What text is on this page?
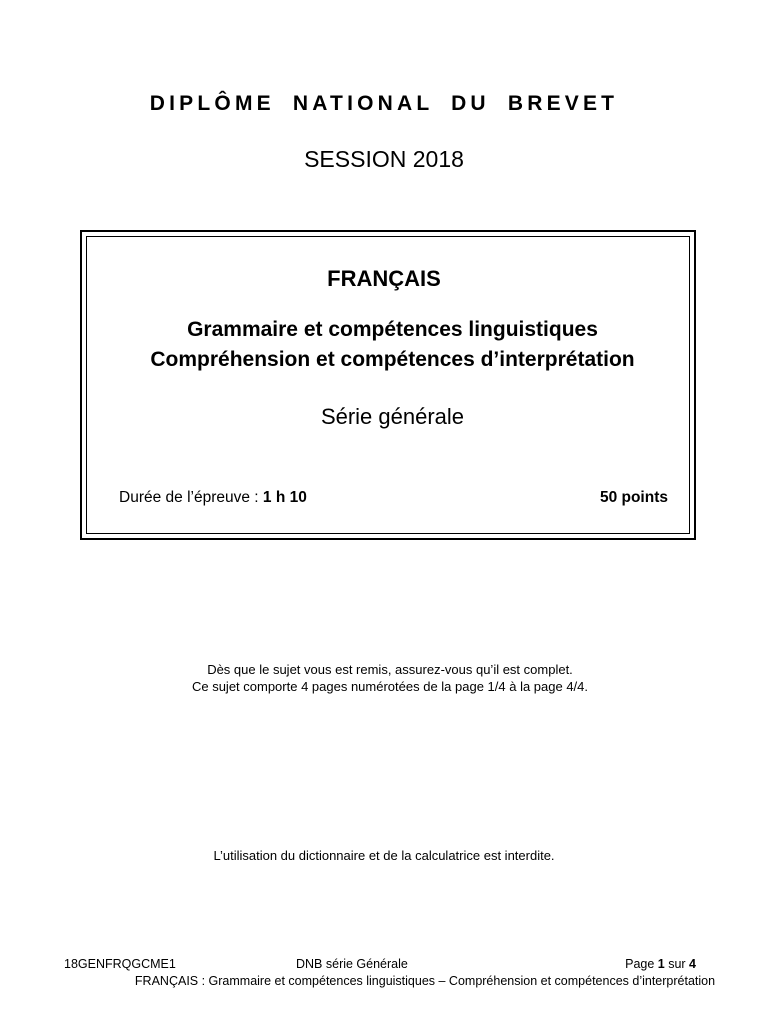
DIPLÔME NATIONAL DU BREVET
SESSION 2018
FRANÇAIS
Grammaire et compétences linguistiques
Compréhension et compétences d’interprétation
Série générale
Durée de l’épreuve : 1 h 10	50 points
Dès que le sujet vous est remis, assurez-vous qu’il est complet.
Ce sujet comporte 4 pages numérotées de la page 1/4 à la page 4/4.
L’utilisation du dictionnaire et de la calculatrice est interdite.
18GENFRQGCME1	DNB série Générale	Page 1 sur 4
FRANÇAIS : Grammaire et compétences linguistiques – Compréhension et compétences d’interprétation
